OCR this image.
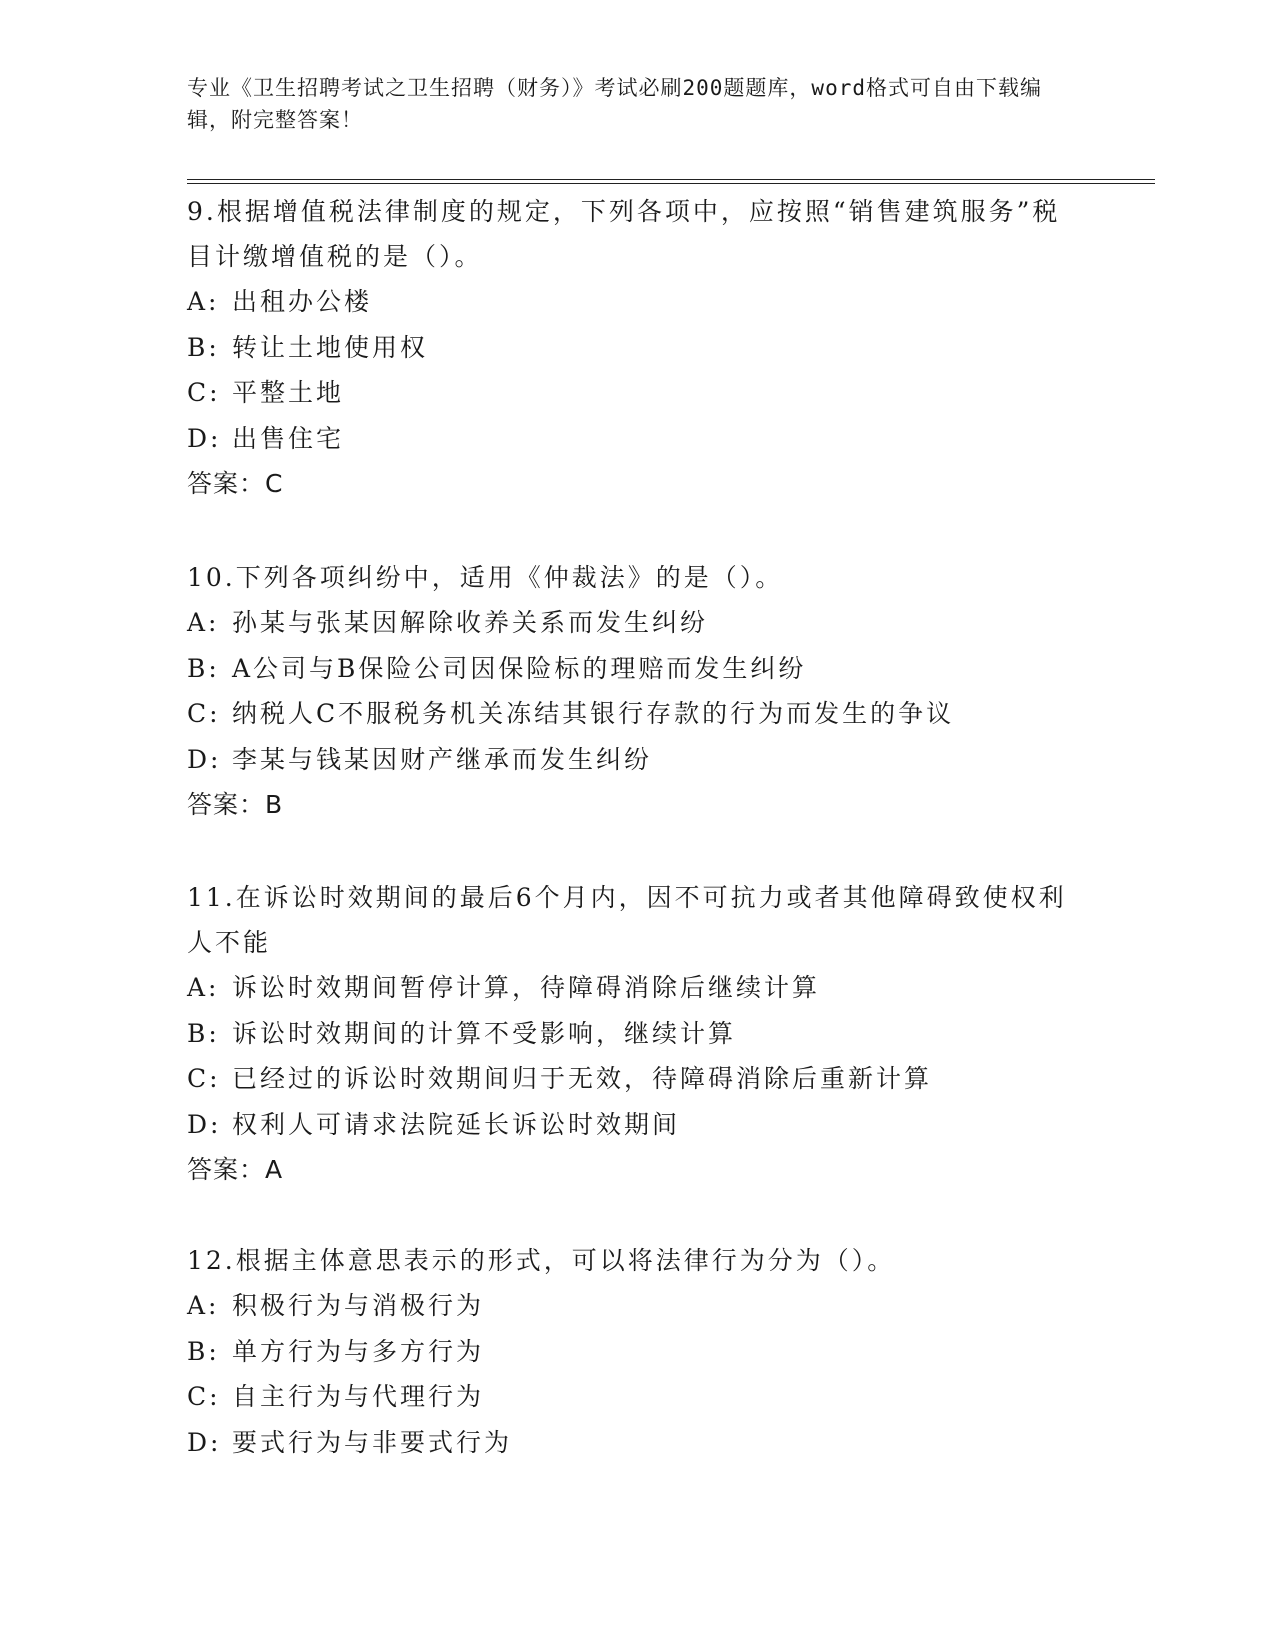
专业《卫生招聘考试之卫生招聘（财务）》考试必刷200题题库，word格式可自由下载编辑，附完整答案！
9.根据增值税法律制度的规定，下列各项中，应按照“销售建筑服务”税目计缴增值税的是（）。
A: 出租办公楼
B: 转让土地使用权
C: 平整土地
D: 出售住宅
答案：C
10.下列各项纠纷中，适用《仲裁法》的是（）。
A: 孙某与张某因解除收养关系而发生纠纷
B: A公司与B保险公司因保险标的理赔而发生纠纷
C: 纳税人C不服税务机关冻结其银行存款的行为而发生的争议
D: 李某与钱某因财产继承而发生纠纷
答案：B
11.在诉讼时效期间的最后6个月内，因不可抗力或者其他障碍致使权利人不能
A: 诉讼时效期间暂停计算，待障碍消除后继续计算
B: 诉讼时效期间的计算不受影响，继续计算
C: 已经过的诉讼时效期间归于无效，待障碍消除后重新计算
D: 权利人可请求法院延长诉讼时效期间
答案：A
12.根据主体意思表示的形式，可以将法律行为分为（）。
A: 积极行为与消极行为
B: 单方行为与多方行为
C: 自主行为与代理行为
D: 要式行为与非要式行为
